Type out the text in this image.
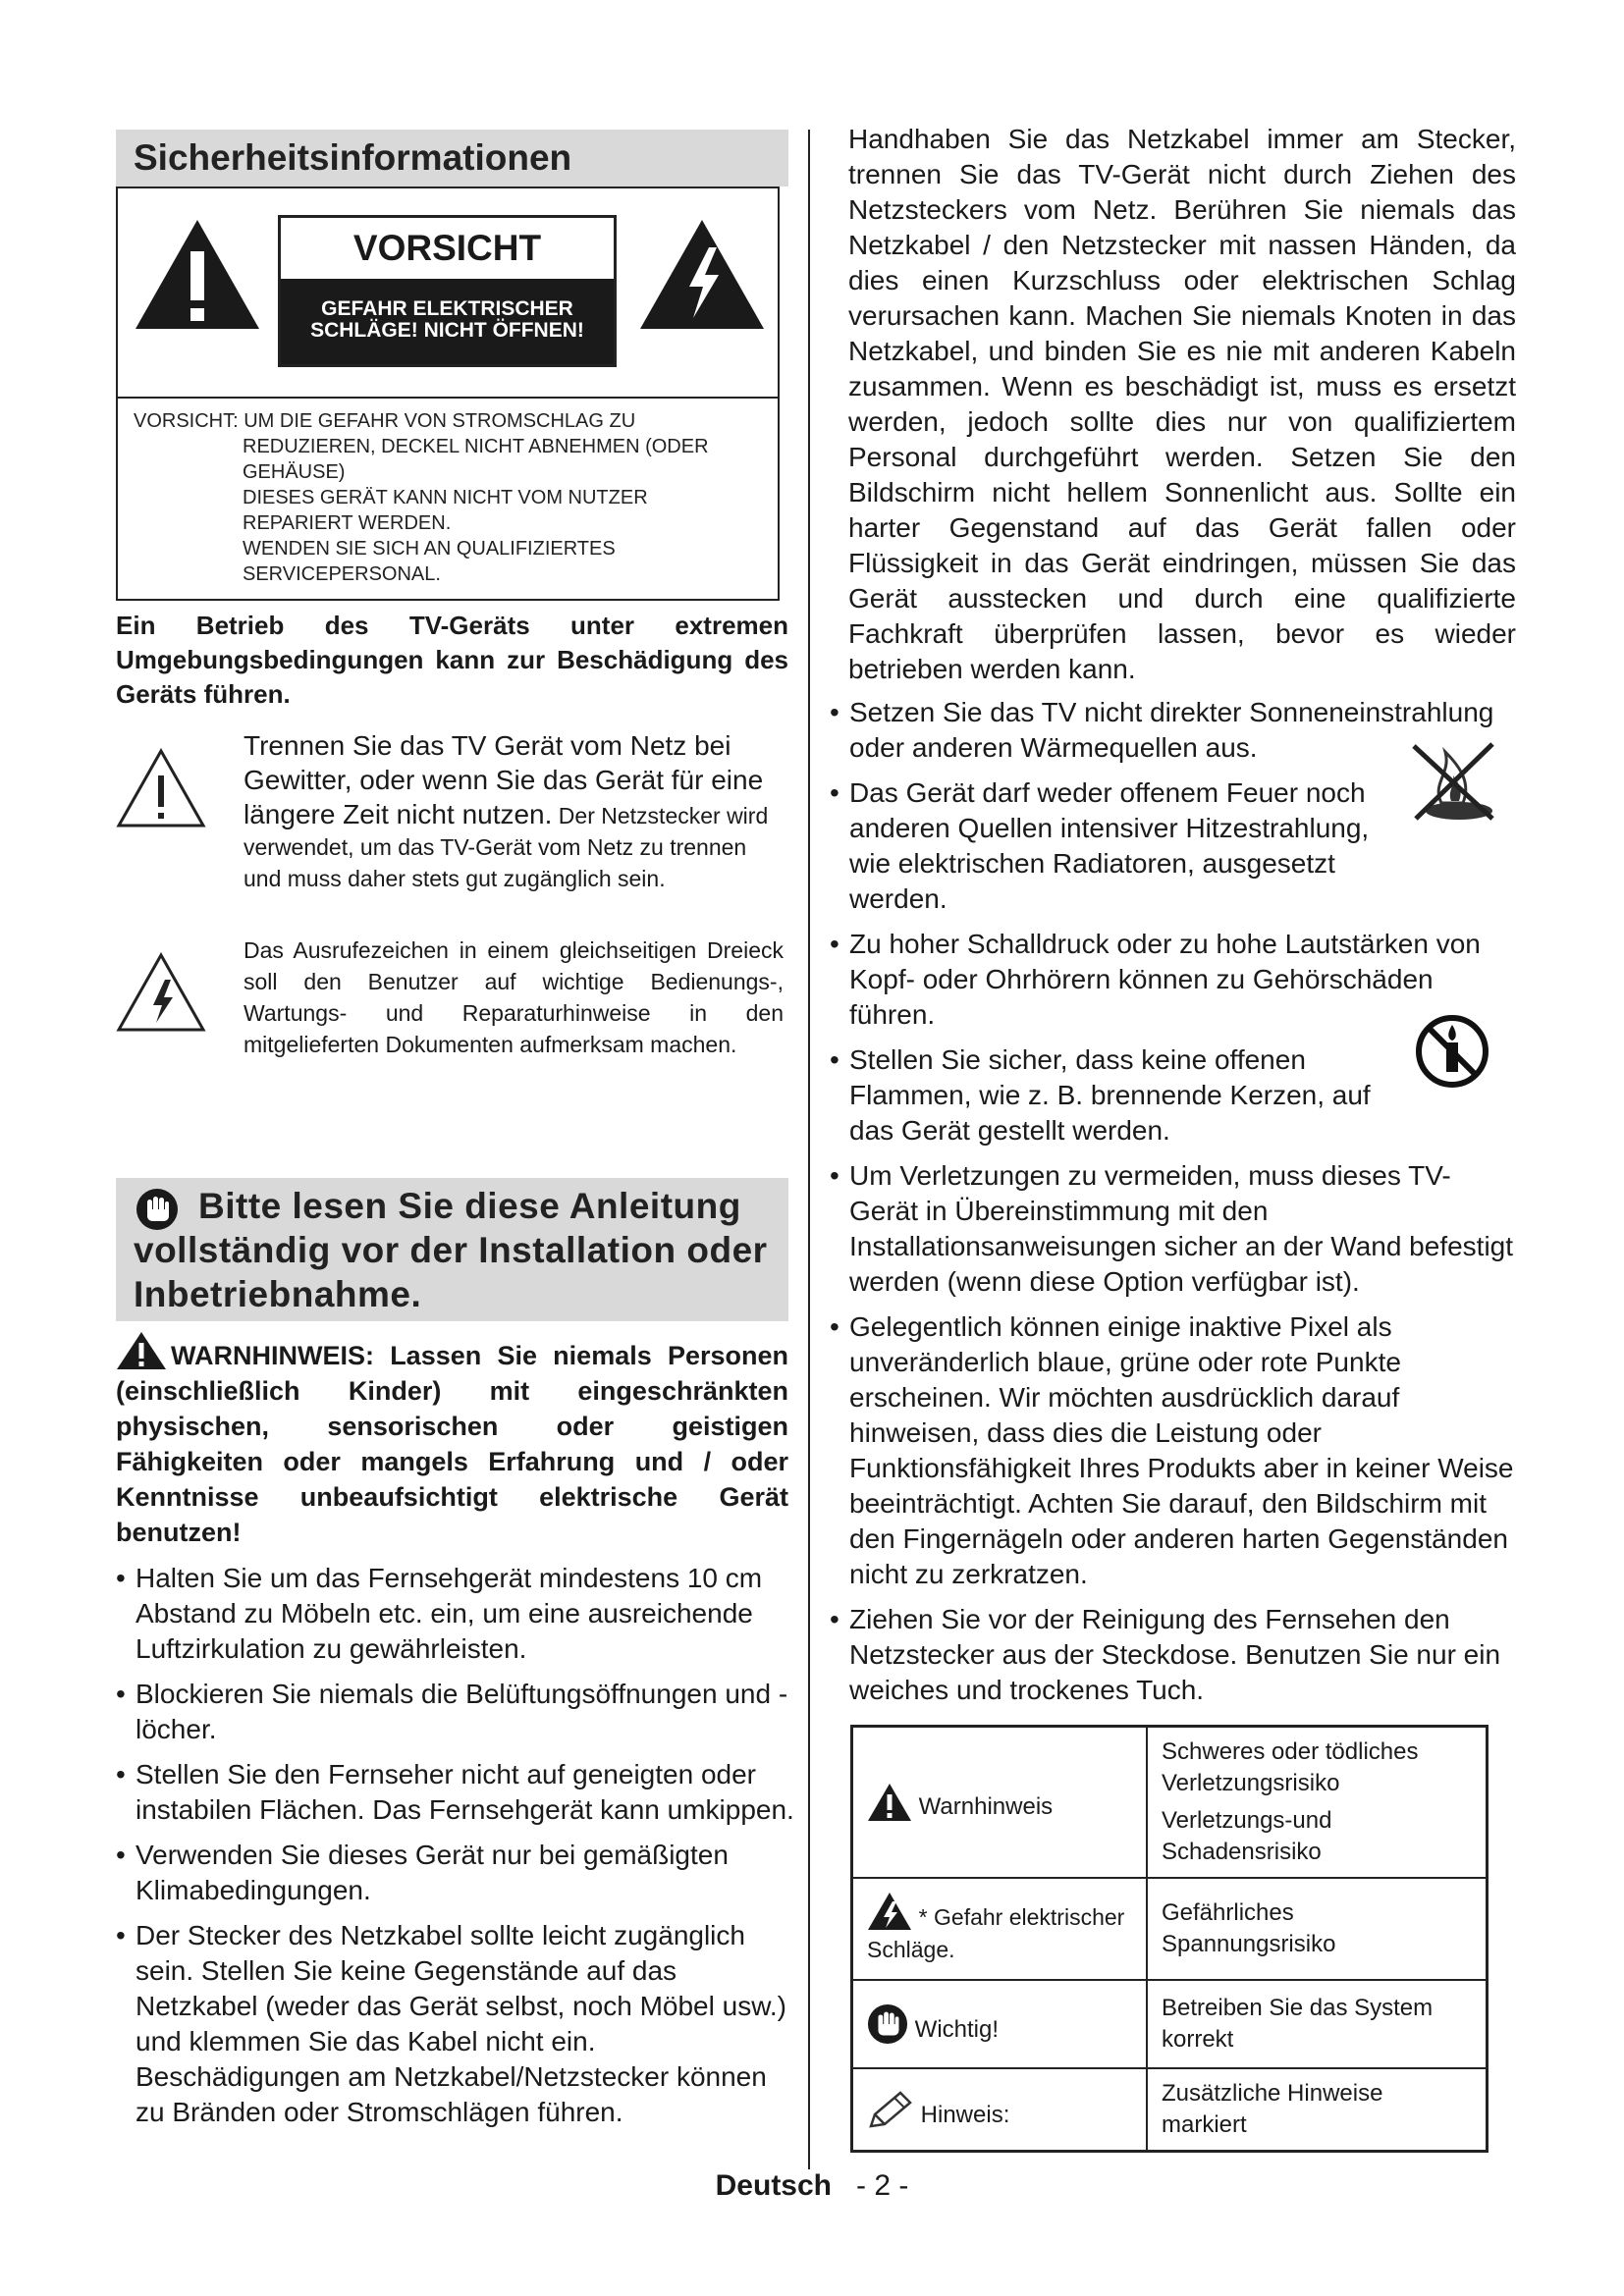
Sicherheitsinformationen
VORSICHT
GEFAHR ELEKTRISCHER
SCHLÄGE! NICHT ÖFFNEN!
VORSICHT: UM DIE GEFAHR VON STROMSCHLAG ZU
REDUZIEREN, DECKEL NICHT ABNEHMEN (ODER
GEHÄUSE)
DIESES GERÄT KANN NICHT VOM NUTZER
REPARIERT WERDEN.
WENDEN SIE SICH AN QUALIFIZIERTES
SERVICEPERSONAL.
Ein Betrieb des TV-Geräts unter extremen Umgebungsbedingungen kann zur Beschädigung des Geräts führen.
Trennen Sie das TV Gerät vom Netz bei Gewitter, oder wenn Sie das Gerät für eine längere Zeit nicht nutzen. Der Netzstecker wird verwendet, um das TV-Gerät vom Netz zu trennen und muss daher stets gut zugänglich sein.
Das Ausrufezeichen in einem gleichseitigen Dreieck soll den Benutzer auf wichtige Bedienungs-, Wartungs- und Reparaturhinweise in den mitgelieferten Dokumenten aufmerksam machen.
Bitte lesen Sie diese Anleitung vollständig vor der Installation oder Inbetriebnahme.
WARNHINWEIS: Lassen Sie niemals Personen (einschließlich Kinder) mit eingeschränkten physischen, sensorischen oder geistigen Fähigkeiten oder mangels Erfahrung und / oder Kenntnisse unbeaufsichtigt elektrische Gerät benutzen!
• Halten Sie um das Fernsehgerät mindestens 10 cm Abstand zu Möbeln etc. ein, um eine ausreichende Luftzirkulation zu gewährleisten.
• Blockieren Sie niemals die Belüftungsöffnungen und -löcher.
• Stellen Sie den Fernseher nicht auf geneigten oder instabilen Flächen. Das Fernsehgerät kann umkippen.
• Verwenden Sie dieses Gerät nur bei gemäßigten Klimabedingungen.
• Der Stecker des Netzkabel sollte leicht zugänglich sein. Stellen Sie keine Gegenstände auf das Netzkabel (weder das Gerät selbst, noch Möbel usw.) und klemmen Sie das Kabel nicht ein. Beschädigungen am Netzkabel/Netzstecker können zu Bränden oder Stromschlägen führen.
Handhaben Sie das Netzkabel immer am Stecker, trennen Sie das TV-Gerät nicht durch Ziehen des Netzsteckers vom Netz. Berühren Sie niemals das Netzkabel / den Netzstecker mit nassen Händen, da dies einen Kurzschluss oder elektrischen Schlag verursachen kann. Machen Sie niemals Knoten in das Netzkabel, und binden Sie es nie mit anderen Kabeln zusammen. Wenn es beschädigt ist, muss es ersetzt werden, jedoch sollte dies nur von qualifiziertem Personal durchgeführt werden. Setzen Sie den Bildschirm nicht hellem Sonnenlicht aus. Sollte ein harter Gegenstand auf das Gerät fallen oder Flüssigkeit in das Gerät eindringen, müssen Sie das Gerät ausstecken und durch eine qualifizierte Fachkraft überprüfen lassen, bevor es wieder betrieben werden kann.
• Setzen Sie das TV nicht direkter Sonneneinstrahlung oder anderen Wärmequellen aus.
• Das Gerät darf weder offenem Feuer noch anderen Quellen intensiver Hitzestrahlung, wie elektrischen Radiatoren, ausgesetzt werden.
• Zu hoher Schalldruck oder zu hohe Lautstärken von Kopf- oder Ohrhörern können zu Gehörschäden führen.
• Stellen Sie sicher, dass keine offenen Flammen, wie z. B. brennende Kerzen, auf das Gerät gestellt werden.
• Um Verletzungen zu vermeiden, muss dieses TV-Gerät in Übereinstimmung mit den Installationsanweisungen sicher an der Wand befestigt werden (wenn diese Option verfügbar ist).
• Gelegentlich können einige inaktive Pixel als unveränderlich blaue, grüne oder rote Punkte erscheinen. Wir möchten ausdrücklich darauf hinweisen, dass dies die Leistung oder Funktionsfähigkeit Ihres Produkts aber in keiner Weise beeinträchtigt. Achten Sie darauf, den Bildschirm mit den Fingernägeln oder anderen harten Gegenständen nicht zu zerkratzen.
• Ziehen Sie vor der Reinigung des Fernsehen den Netzstecker aus der Steckdose. Benutzen Sie nur ein weiches und trockenes Tuch.
Warnhinweis	Schweres oder tödliches Verletzungsrisiko
Verletzungs-und Schadensrisiko

* Gefahr elektrischer Schläge.	Gefährliches Spannungsrisiko

Wichtig!	Betreiben Sie das System korrekt

Hinweis:	Zusätzliche Hinweise markiert
Deutsch - 2 -
